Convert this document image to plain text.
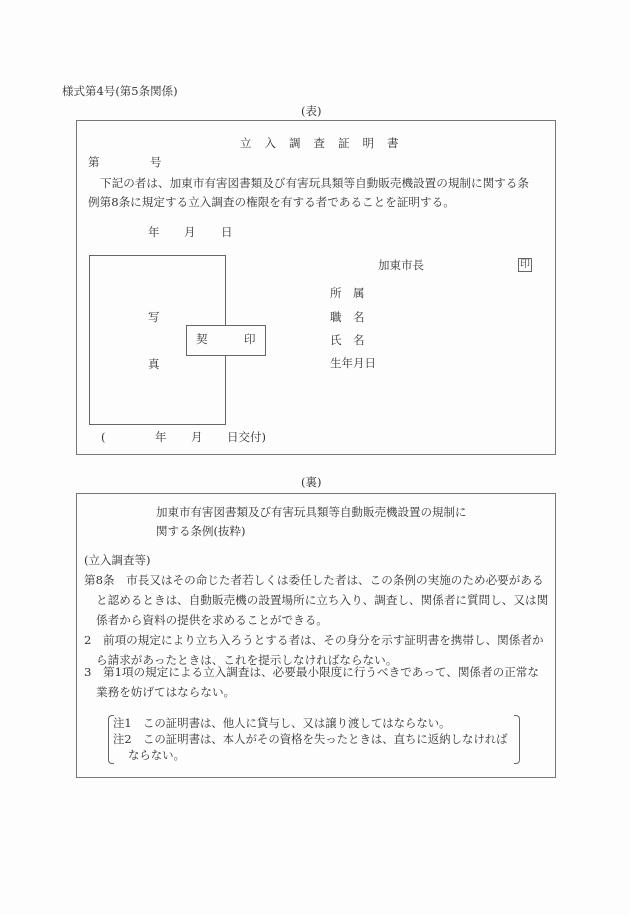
様式第4号(第5条関係)
(表)
立入調査証明書
第	号
下記の者は、加東市有害図書類及び有害玩具類等自動販売機設置の規制に関する条
例第8条に規定する立入調査の権限を有する者であることを証明する。
年 月 日
写
真
契	印
加東市長	印
所　属
職　名
氏　名
生年月日
(	年 月 日交付)
(裏)
加東市有害図書類及び有害玩具類等自動販売機設置の規制に
関する条例(抜粋)
(立入調査等)
第8条　市長又はその命じた者若しくは委任した者は、この条例の実施のため必要がある
と認めるときは、自動販売機の設置場所に立ち入り、調査し、関係者に質問し、又は関
係者から資料の提供を求めることができる。
2　前項の規定により立ち入ろうとする者は、その身分を示す証明書を携帯し、関係者か
ら請求があったときは、これを提示しなければならない。
3　第1項の規定による立入調査は、必要最小限度に行うべきであって、関係者の正常な
業務を妨げてはならない。
注1　この証明書は、他人に貸与し、又は譲り渡してはならない。
注2　この証明書は、本人がその資格を失ったときは、直ちに返納しなければ
ならない。
